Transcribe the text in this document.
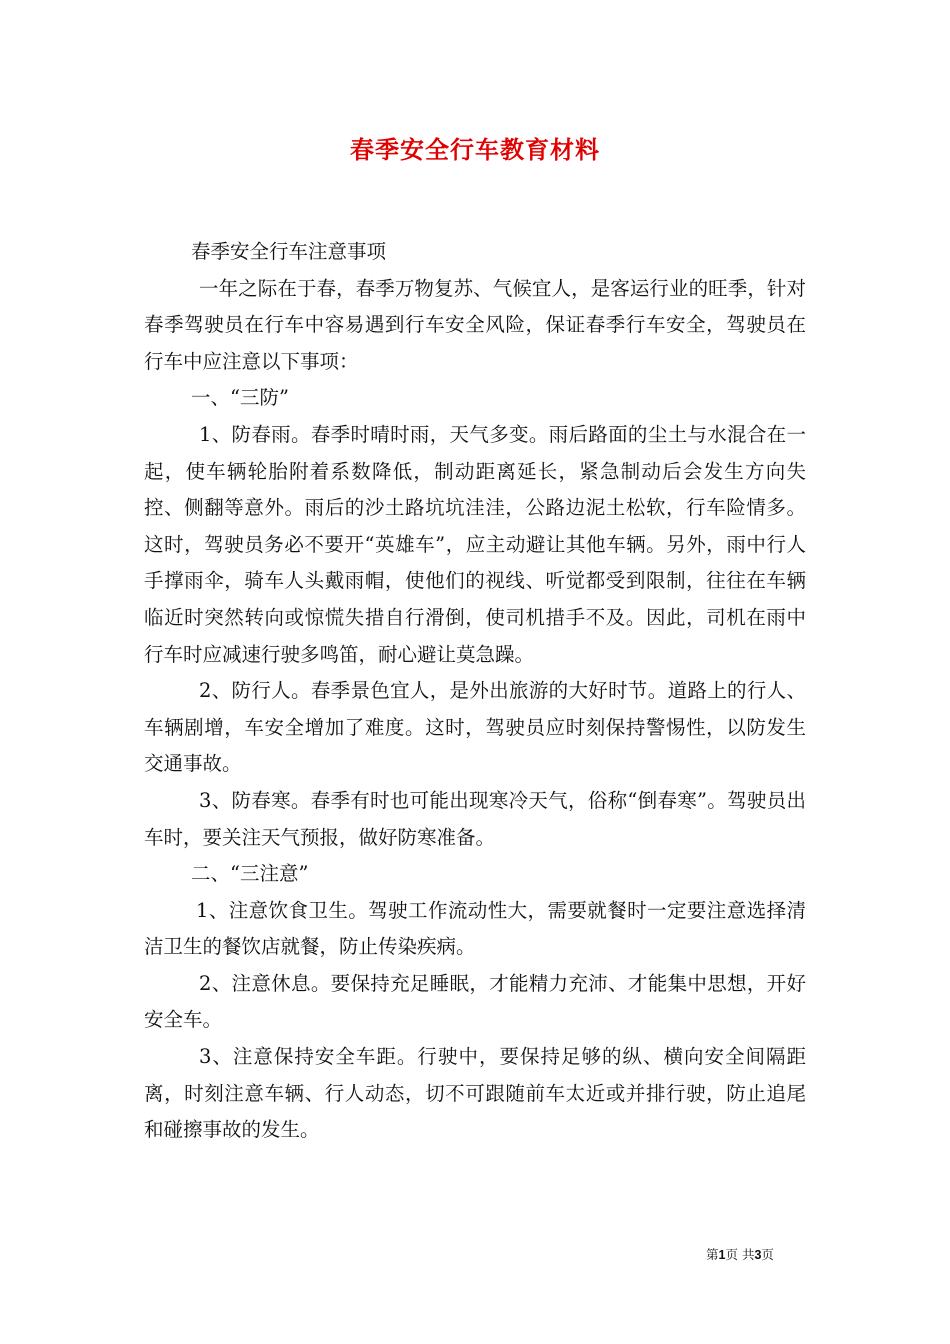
春季安全行车教育材料

春季安全行车注意事项

一年之际在于春，春季万物复苏、气候宜人，是客运行业的旺季，针对春季驾驶员在行车中容易遇到行车安全风险，保证春季行车安全，驾驶员在行车中应注意以下事项：

一、“三防”

1、防春雨。春季时晴时雨，天气多变。雨后路面的尘土与水混合在一起，使车辆轮胎附着系数降低，制动距离延长，紧急制动后会发生方向失控、侧翻等意外。雨后的沙土路坑坑洼洼，公路边泥土松软，行车险情多。这时，驾驶员务必不要开“英雄车”，应主动避让其他车辆。另外，雨中行人手撑雨伞，骑车人头戴雨帽，使他们的视线、听觉都受到限制，往往在车辆临近时突然转向或惊慌失措自行滑倒，使司机措手不及。因此，司机在雨中行车时应减速行驶多鸣笛，耐心避让莫急躁。

2、防行人。春季景色宜人，是外出旅游的大好时节。道路上的行人、车辆剧增，车安全增加了难度。这时，驾驶员应时刻保持警惕性，以防发生交通事故。

3、防春寒。春季有时也可能出现寒冷天气，俗称“倒春寒”。驾驶员出车时，要关注天气预报，做好防寒准备。

二、“三注意”

1、注意饮食卫生。驾驶工作流动性大，需要就餐时一定要注意选择清洁卫生的餐饮店就餐，防止传染疾病。

2、注意休息。要保持充足睡眠，才能精力充沛、才能集中思想，开好安全车。

3、注意保持安全车距。行驶中，要保持足够的纵、横向安全间隔距离，时刻注意车辆、行人动态，切不可跟随前车太近或并排行驶，防止追尾和碰擦事故的发生。

第1页 共3页
